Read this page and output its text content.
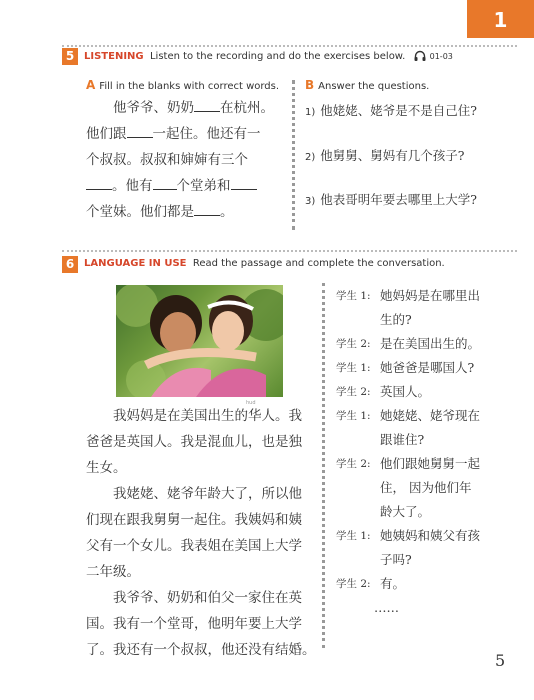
1
5 LISTENING Listen to the recording and do the exercises below.	01-03
A Fill in the blanks with correct words.

他爷爷、奶奶 在杭州。

他们跟 一起住。他还有一

个叔叔。叔叔和婶婶有三个

。他有 个堂弟和

个堂妹。他们都是 。

B Answer the questions.
1) 他姥姥、姥爷是不是自己住?
2) 他舅舅、舅妈有几个孩子?
3) 他表哥明年要去哪里上大学?
6 LANGUAGE IN USE Read the passage and complete the conversation.
hud

我妈妈是在美国出生的华人。我

爸爸是英国人。我是混血儿，也是独

生女。

我姥姥、姥爷年龄大了，所以他

们现在跟我舅舅一起住。我姨妈和姨

父有一个女儿。我表姐在美国上大学

二年级。

我爷爷、奶奶和伯父一家住在英

国。我有一个堂哥，他明年要上大学

了。我还有一个叔叔，他还没有结婚。

学生 1: 她妈妈是在哪里出
生的?
学生 2: 是在美国出生的。
学生 1: 她爸爸是哪国人?
学生 2: 英国人。
学生 1: 她姥姥、姥爷现在
跟谁住?
学生 2: 他们跟她舅舅一起
住， 因为他们年
龄大了。
学生 1: 她姨妈和姨父有孩
子吗?
学生 2: 有。
……
5
